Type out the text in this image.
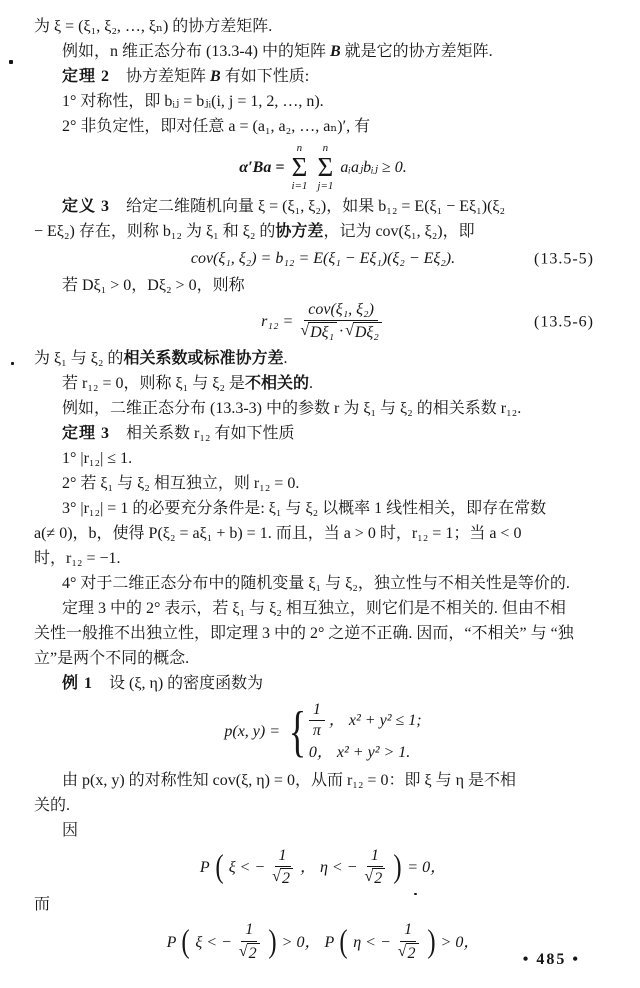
为 ξ = (ξ₁, ξ₂, …, ξₙ) 的协方差矩阵.

例如，n 维正态分布 (13.3-4) 中的矩阵 B 就是它的协方差矩阵.

定理 2　协方差矩阵 B 有如下性质:

1° 对称性，即 bᵢⱼ = bⱼᵢ(i, j = 1, 2, …, n).

2° 非负定性，即对任意 a = (a₁, a₂, …, aₙ)′, 有

α′Ba =
n
Σ
i=1
n
Σ
j=1
aᵢaⱼbᵢⱼ ≥ 0.

定义 3　给定二维随机向量 ξ = (ξ₁, ξ₂)，如果 b₁₂ = E(ξ₁ − Eξ₁)(ξ₂

− Eξ₂) 存在，则称 b₁₂ 为 ξ₁ 和 ξ₂ 的协方差，记为 cov(ξ₁, ξ₂)，即

cov(ξ₁, ξ₂) = b₁₂ = E(ξ₁ − Eξ₁)(ξ₂ − Eξ₂).	(13.5-5)

若 Dξ₁ > 0，Dξ₂ > 0，则称

$r_{12} = \frac{\text{cov(ξ₁, ξ₂)}}{\text{√ Dξ₁ · √ Dξ₂}}$	(13.5-6)

为 ξ₁ 与 ξ₂ 的相关系数或标准协方差.

若 r₁₂ = 0，则称 ξ₁ 与 ξ₂ 是不相关的.

例如，二维正态分布 (13.3-3) 中的参数 r 为 ξ₁ 与 ξ₂ 的相关系数 r₁₂.

定理 3　相关系数 r₁₂ 有如下性质

1° |r₁₂| ≤ 1.

2° 若 ξ₁ 与 ξ₂ 相互独立，则 r₁₂ = 0.

3° |r₁₂| = 1 的必要充分条件是: ξ₁ 与 ξ₂ 以概率 1 线性相关，即存在常数

a(≠ 0)，b，使得 P(ξ₂ = aξ₁ + b) = 1. 而且，当 a > 0 时，r₁₂ = 1；当 a < 0

时，r₁₂ = −1.

4° 对于二维正态分布中的随机变量 ξ₁ 与 ξ₂，独立性与不相关性是等价的.

定理 3 中的 2° 表示，若 ξ₁ 与 ξ₂ 相互独立，则它们是不相关的. 但由不相

关性一般推不出独立性，即定理 3 中的 2° 之逆不正确. 因而，“不相关” 与 “独

立”是两个不同的概念.

例 1　设 (ξ, η) 的密度函数为

p(x, y) = { $\frac{1}{\pi}$ ， x² + y² ≤ 1;
0， x² + y² > 1.

由 p(x, y) 的对称性知 cov(ξ, η) = 0，从而 r₁₂ = 0：即 ξ 与 η 是不相

关的.

因

P ( ξ < − $\frac{1}{√ 2}$ ， η < − $\frac{1}{√ 2}$ ) = 0，

而

P ( ξ < − $\frac{1}{√ 2}$ ) > 0， P ( η < − $\frac{1}{√ 2}$ ) > 0，
• 485 •
